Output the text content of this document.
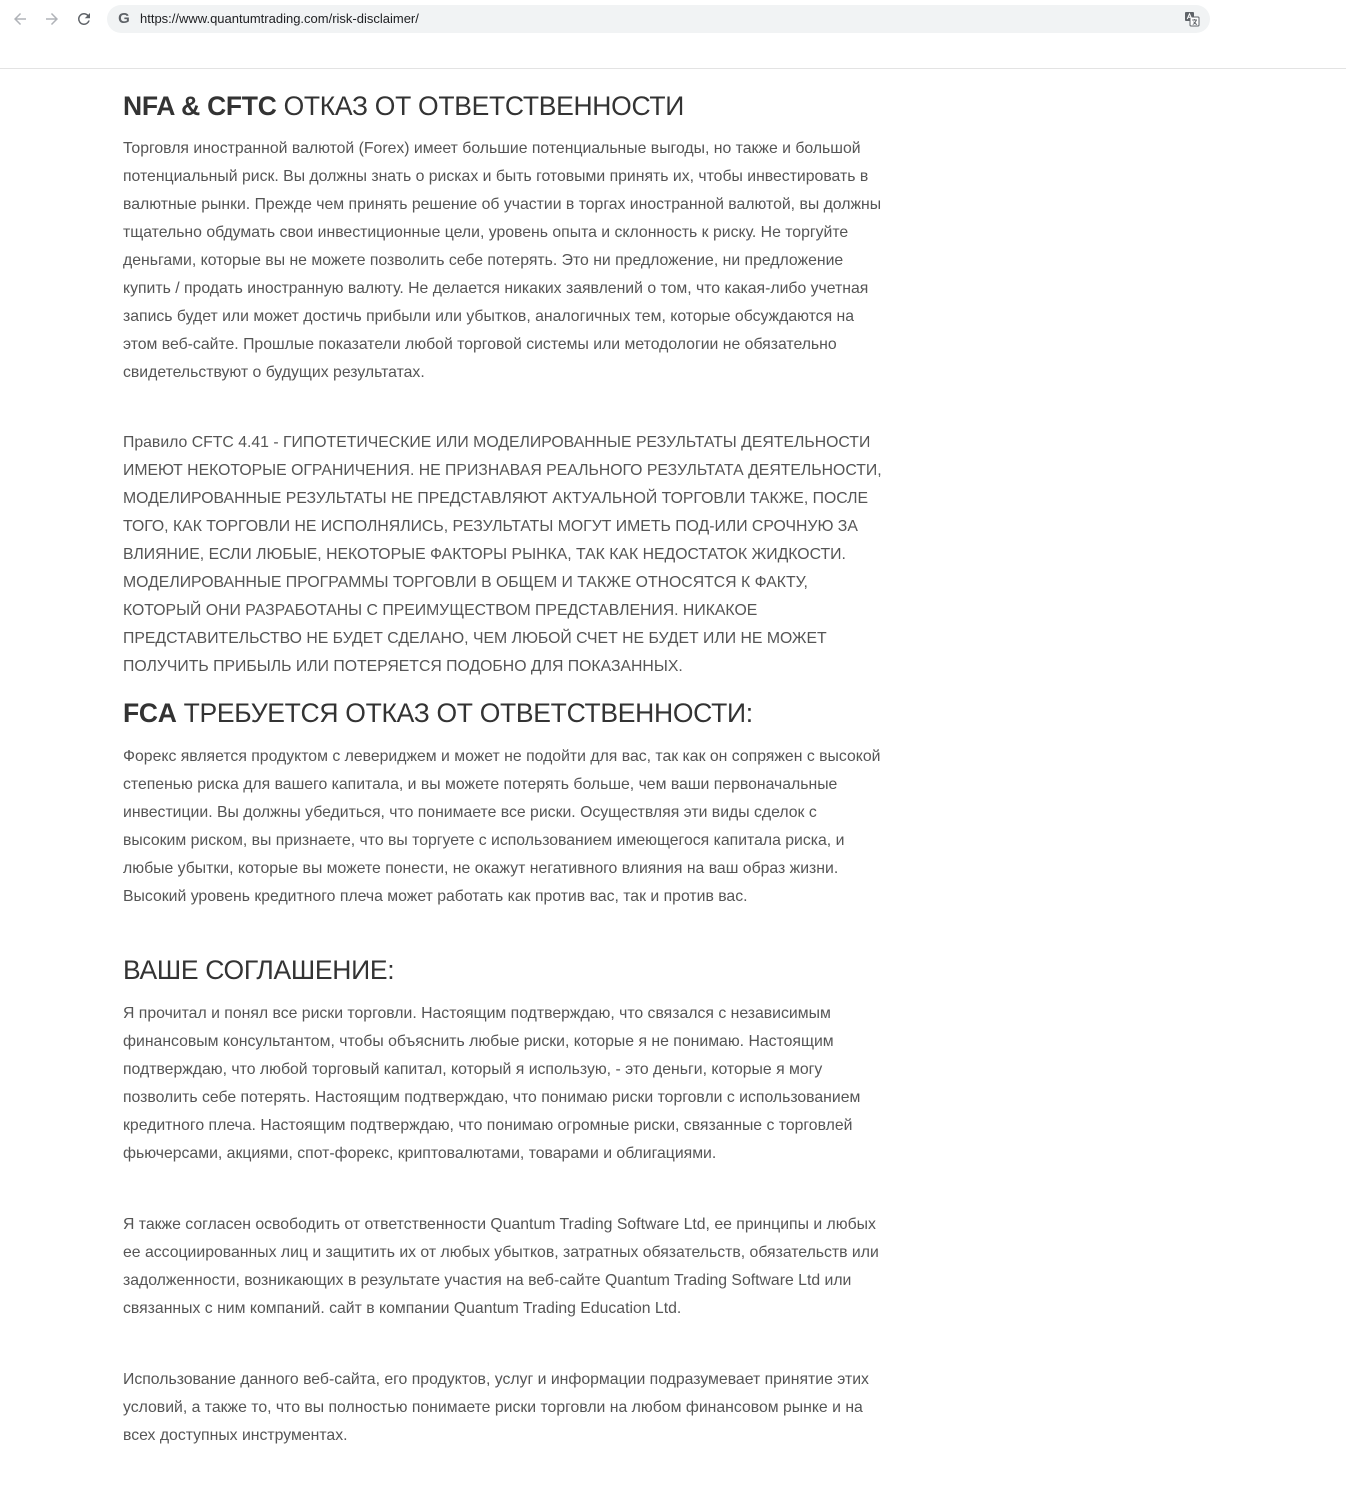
G https://www.quantumtrading.com/risk-disclaimer/
NFA & CFTC ОТКАЗ ОТ ОТВЕТСТВЕННОСТИ

Торговля иностранной валютой (Forex) имеет большие потенциальные выгоды, но также и большой потенциальный риск. Вы должны знать о рисках и быть готовыми принять их, чтобы инвестировать в валютные рынки. Прежде чем принять решение об участии в торгах иностранной валютой, вы должны тщательно обдумать свои инвестиционные цели, уровень опыта и склонность к риску. Не торгуйте деньгами, которые вы не можете позволить себе потерять. Это ни предложение, ни предложение купить / продать иностранную валюту. Не делается никаких заявлений о том, что какая-либо учетная запись будет или может достичь прибыли или убытков, аналогичных тем, которые обсуждаются на этом веб-сайте. Прошлые показатели любой торговой системы или методологии не обязательно свидетельствуют о будущих результатах.

Правило CFTC 4.41 - ГИПОТЕТИЧЕСКИЕ ИЛИ МОДЕЛИРОВАННЫЕ РЕЗУЛЬТАТЫ ДЕЯТЕЛЬНОСТИ ИМЕЮТ НЕКОТОРЫЕ ОГРАНИЧЕНИЯ. НЕ ПРИЗНАВАЯ РЕАЛЬНОГО РЕЗУЛЬТАТА ДЕЯТЕЛЬНОСТИ, МОДЕЛИРОВАННЫЕ РЕЗУЛЬТАТЫ НЕ ПРЕДСТАВЛЯЮТ АКТУАЛЬНОЙ ТОРГОВЛИ ТАКЖЕ, ПОСЛЕ ТОГО, КАК ТОРГОВЛИ НЕ ИСПОЛНЯЛИСЬ, РЕЗУЛЬТАТЫ МОГУТ ИМЕТЬ ПОД-ИЛИ СРОЧНУЮ ЗА ВЛИЯНИЕ, ЕСЛИ ЛЮБЫЕ, НЕКОТОРЫЕ ФАКТОРЫ РЫНКА, ТАК КАК НЕДОСТАТОК ЖИДКОСТИ. МОДЕЛИРОВАННЫЕ ПРОГРАММЫ ТОРГОВЛИ В ОБЩЕМ И ТАКЖЕ ОТНОСЯТСЯ К ФАКТУ, КОТОРЫЙ ОНИ РАЗРАБОТАНЫ С ПРЕИМУЩЕСТВОМ ПРЕДСТАВЛЕНИЯ. НИКАКОЕ ПРЕДСТАВИТЕЛЬСТВО НЕ БУДЕТ СДЕЛАНО, ЧЕМ ЛЮБОЙ СЧЕТ НЕ БУДЕТ ИЛИ НЕ МОЖЕТ ПОЛУЧИТЬ ПРИБЫЛЬ ИЛИ ПОТЕРЯЕТСЯ ПОДОБНО ДЛЯ ПОКАЗАННЫХ.

FCA ТРЕБУЕТСЯ ОТКАЗ ОТ ОТВЕТСТВЕННОСТИ:

Форекс является продуктом с левериджем и может не подойти для вас, так как он сопряжен с высокой степенью риска для вашего капитала, и вы можете потерять больше, чем ваши первоначальные инвестиции. Вы должны убедиться, что понимаете все риски. Осуществляя эти виды сделок с высоким риском, вы признаете, что вы торгуете с использованием имеющегося капитала риска, и любые убытки, которые вы можете понести, не окажут негативного влияния на ваш образ жизни. Высокий уровень кредитного плеча может работать как против вас, так и против вас.

ВАШЕ СОГЛАШЕНИЕ:

Я прочитал и понял все риски торговли. Настоящим подтверждаю, что связался с независимым финансовым консультантом, чтобы объяснить любые риски, которые я не понимаю. Настоящим подтверждаю, что любой торговый капитал, который я использую, - это деньги, которые я могу позволить себе потерять. Настоящим подтверждаю, что понимаю риски торговли с использованием кредитного плеча. Настоящим подтверждаю, что понимаю огромные риски, связанные с торговлей фьючерсами, акциями, спот-форекс, криптовалютами, товарами и облигациями.

Я также согласен освободить от ответственности Quantum Trading Software Ltd, ее принципы и любых ее ассоциированных лиц и защитить их от любых убытков, затратных обязательств, обязательств или задолженности, возникающих в результате участия на веб-сайте Quantum Trading Software Ltd или связанных с ним компаний. сайт в компании Quantum Trading Education Ltd.

Использование данного веб-сайта, его продуктов, услуг и информации подразумевает принятие этих условий, а также то, что вы полностью понимаете риски торговли на любом финансовом рынке и на всех доступных инструментах.
